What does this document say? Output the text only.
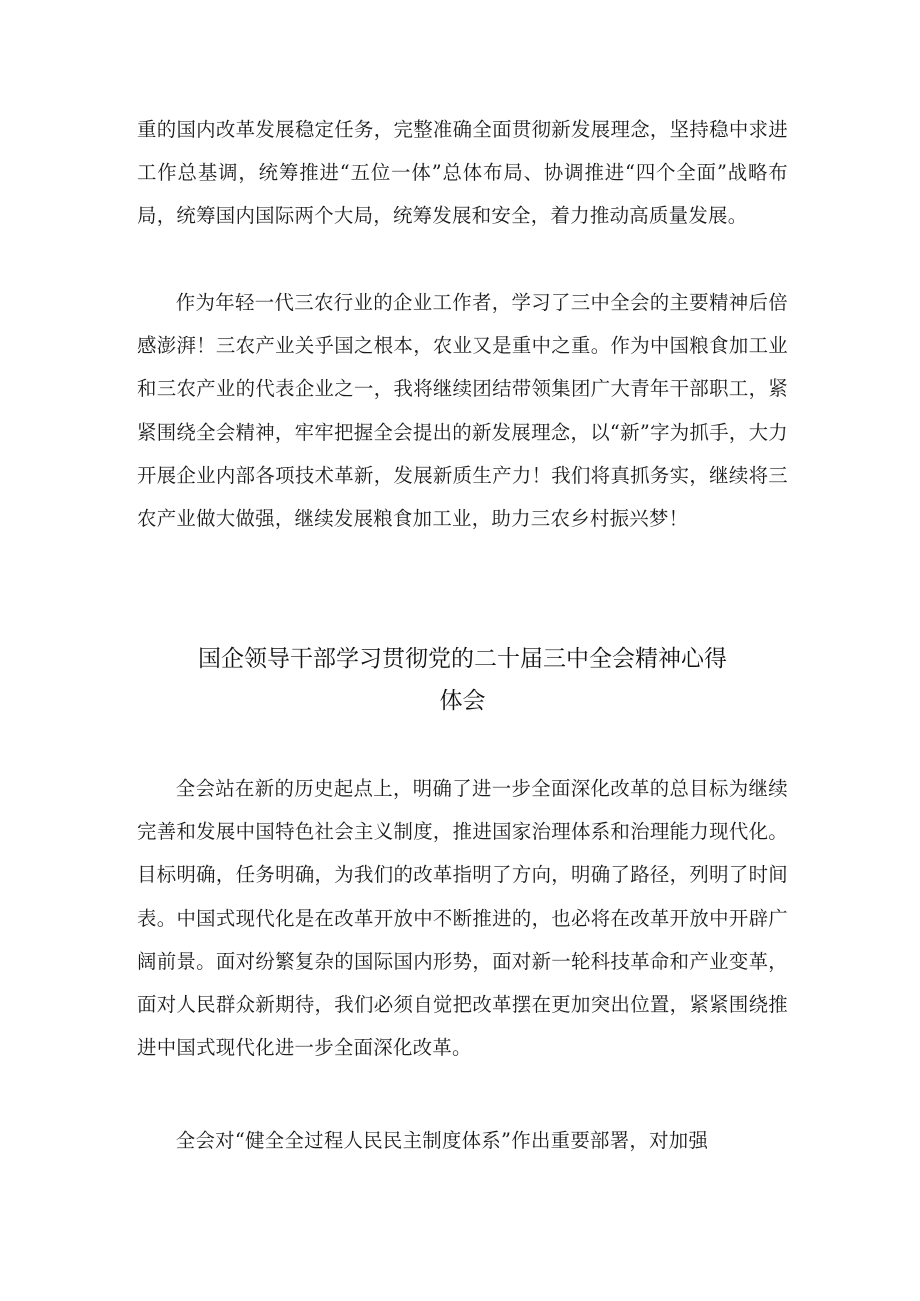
重的国内改革发展稳定任务，完整准确全面贯彻新发展理念，坚持稳中求进工作总基调，统筹推进“五位一体”总体布局、协调推进“四个全面”战略布局，统筹国内国际两个大局，统筹发展和安全，着力推动高质量发展。

作为年轻一代三农行业的企业工作者，学习了三中全会的主要精神后倍感澎湃！三农产业关乎国之根本，农业又是重中之重。作为中国粮食加工业和三农产业的代表企业之一，我将继续团结带领集团广大青年干部职工，紧紧围绕全会精神，牢牢把握全会提出的新发展理念，以“新”字为抓手，大力开展企业内部各项技术革新，发展新质生产力！我们将真抓务实，继续将三农产业做大做强，继续发展粮食加工业，助力三农乡村振兴梦！

国企领导干部学习贯彻党的二十届三中全会精神心得
体会

全会站在新的历史起点上，明确了进一步全面深化改革的总目标为继续完善和发展中国特色社会主义制度，推进国家治理体系和治理能力现代化。目标明确，任务明确，为我们的改革指明了方向，明确了路径，列明了时间表。中国式现代化是在改革开放中不断推进的，也必将在改革开放中开辟广阔前景。面对纷繁复杂的国际国内形势，面对新一轮科技革命和产业变革，面对人民群众新期待，我们必须自觉把改革摆在更加突出位置，紧紧围绕推进中国式现代化进一步全面深化改革。

全会对“健全全过程人民民主制度体系”作出重要部署，对加强
